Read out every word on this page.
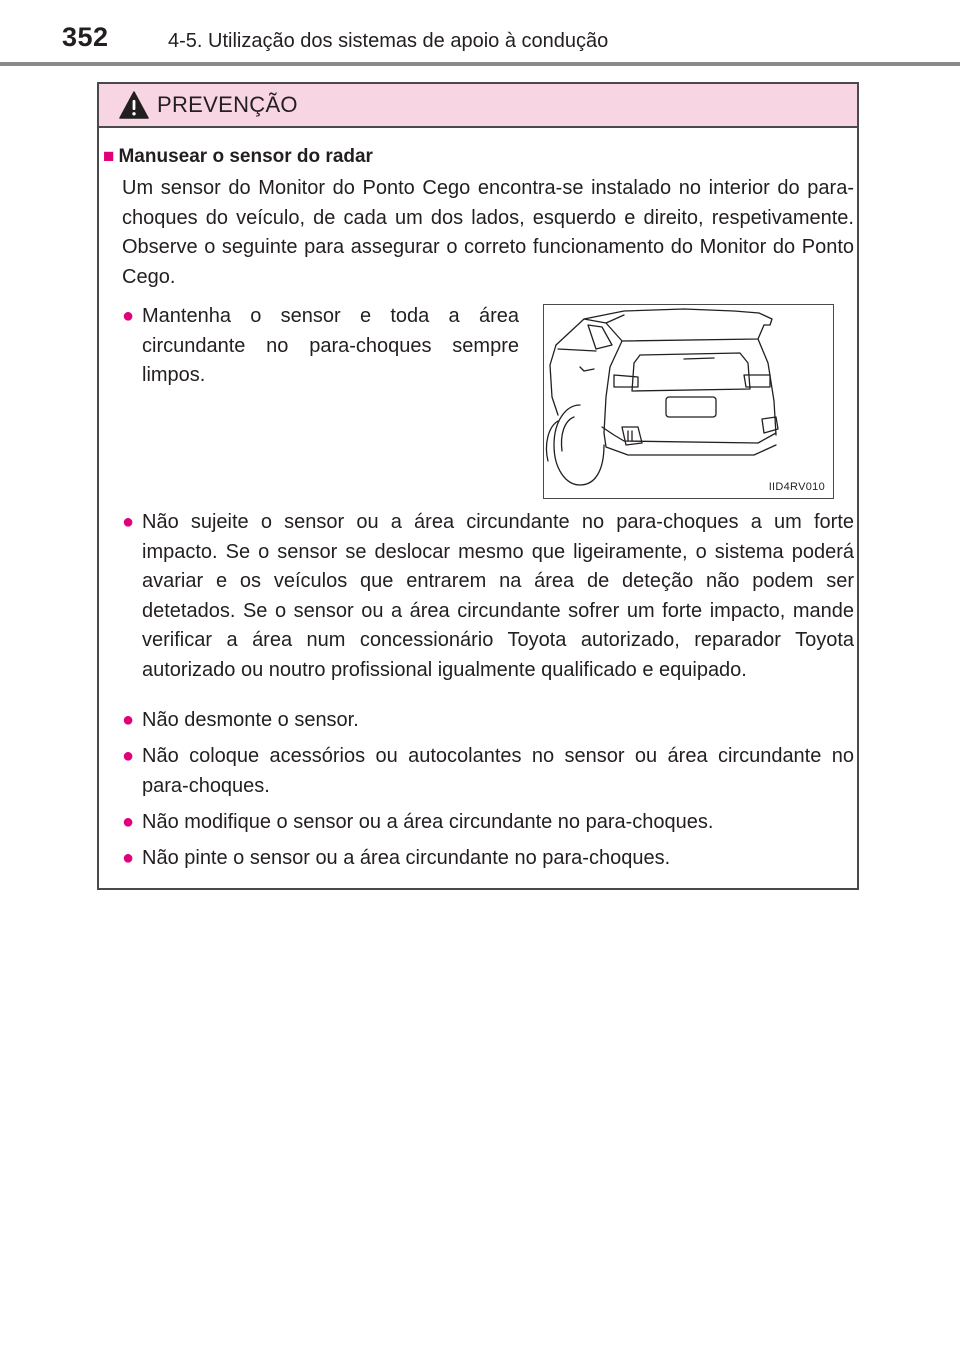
352	4-5. Utilização dos sistemas de apoio à condução
PREVENÇÃO
■ Manusear o sensor do radar
Um sensor do Monitor do Ponto Cego encontra-se instalado no interior do para-choques do veículo, de cada um dos lados, esquerdo e direito, respetivamente. Observe o seguinte para assegurar o correto funcionamento do Monitor do Ponto Cego.
● Mantenha o sensor e toda a área circundante no para-choques sempre limpos.
IID4RV010
● Não sujeite o sensor ou a área circundante no para-choques a um forte impacto. Se o sensor se deslocar mesmo que ligeiramente, o sistema poderá avariar e os veículos que entrarem na área de deteção não podem ser detetados. Se o sensor ou a área circundante sofrer um forte impacto, mande verificar a área num concessionário Toyota autorizado, reparador Toyota autorizado ou noutro profissional igualmente qualificado e equipado.
● Não desmonte o sensor.
● Não coloque acessórios ou autocolantes no sensor ou área circundante no para-choques.
● Não modifique o sensor ou a área circundante no para-choques.
● Não pinte o sensor ou a área circundante no para-choques.
